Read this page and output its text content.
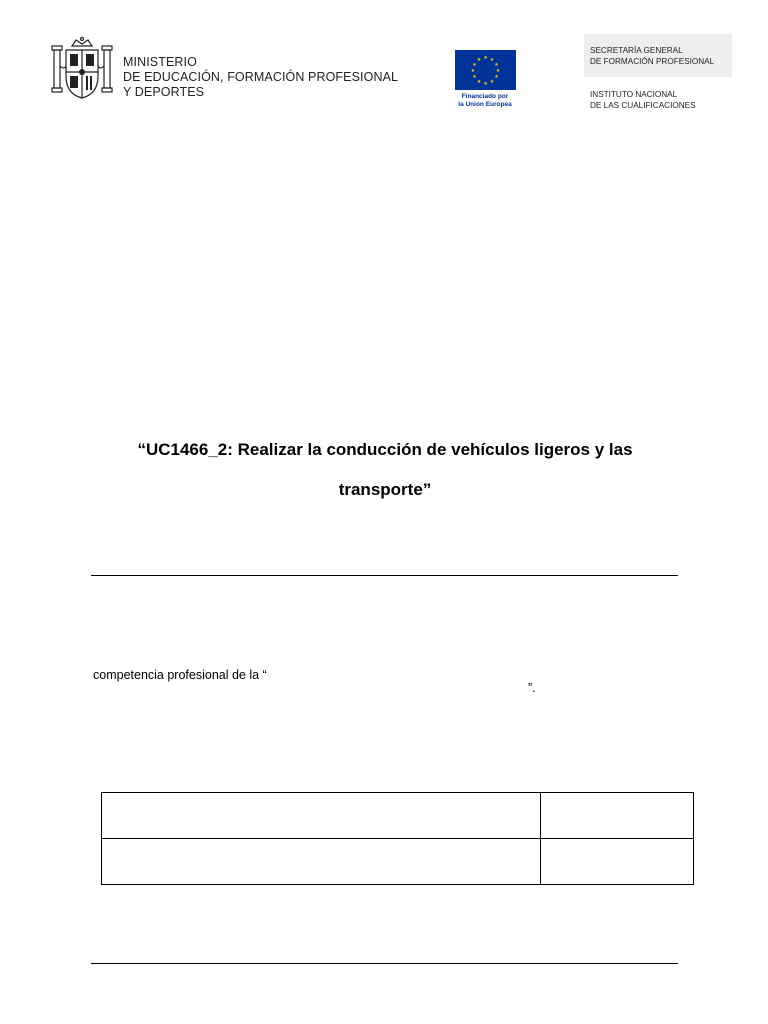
MINISTERIO
DE EDUCACIÓN, FORMACIÓN PROFESIONAL
Y DEPORTES
★ ★
★
★
★
★
★
★
★
★
★
★
Financiado por
la Unión Europea
SECRETARÍA GENERAL
DE FORMACIÓN PROFESIONAL
INSTITUTO NACIONAL
DE LAS CUALIFICACIONES
“UC1466_2: Realizar la conducción de vehículos ligeros y las
transporte”
competencia profesional de la “
”.
